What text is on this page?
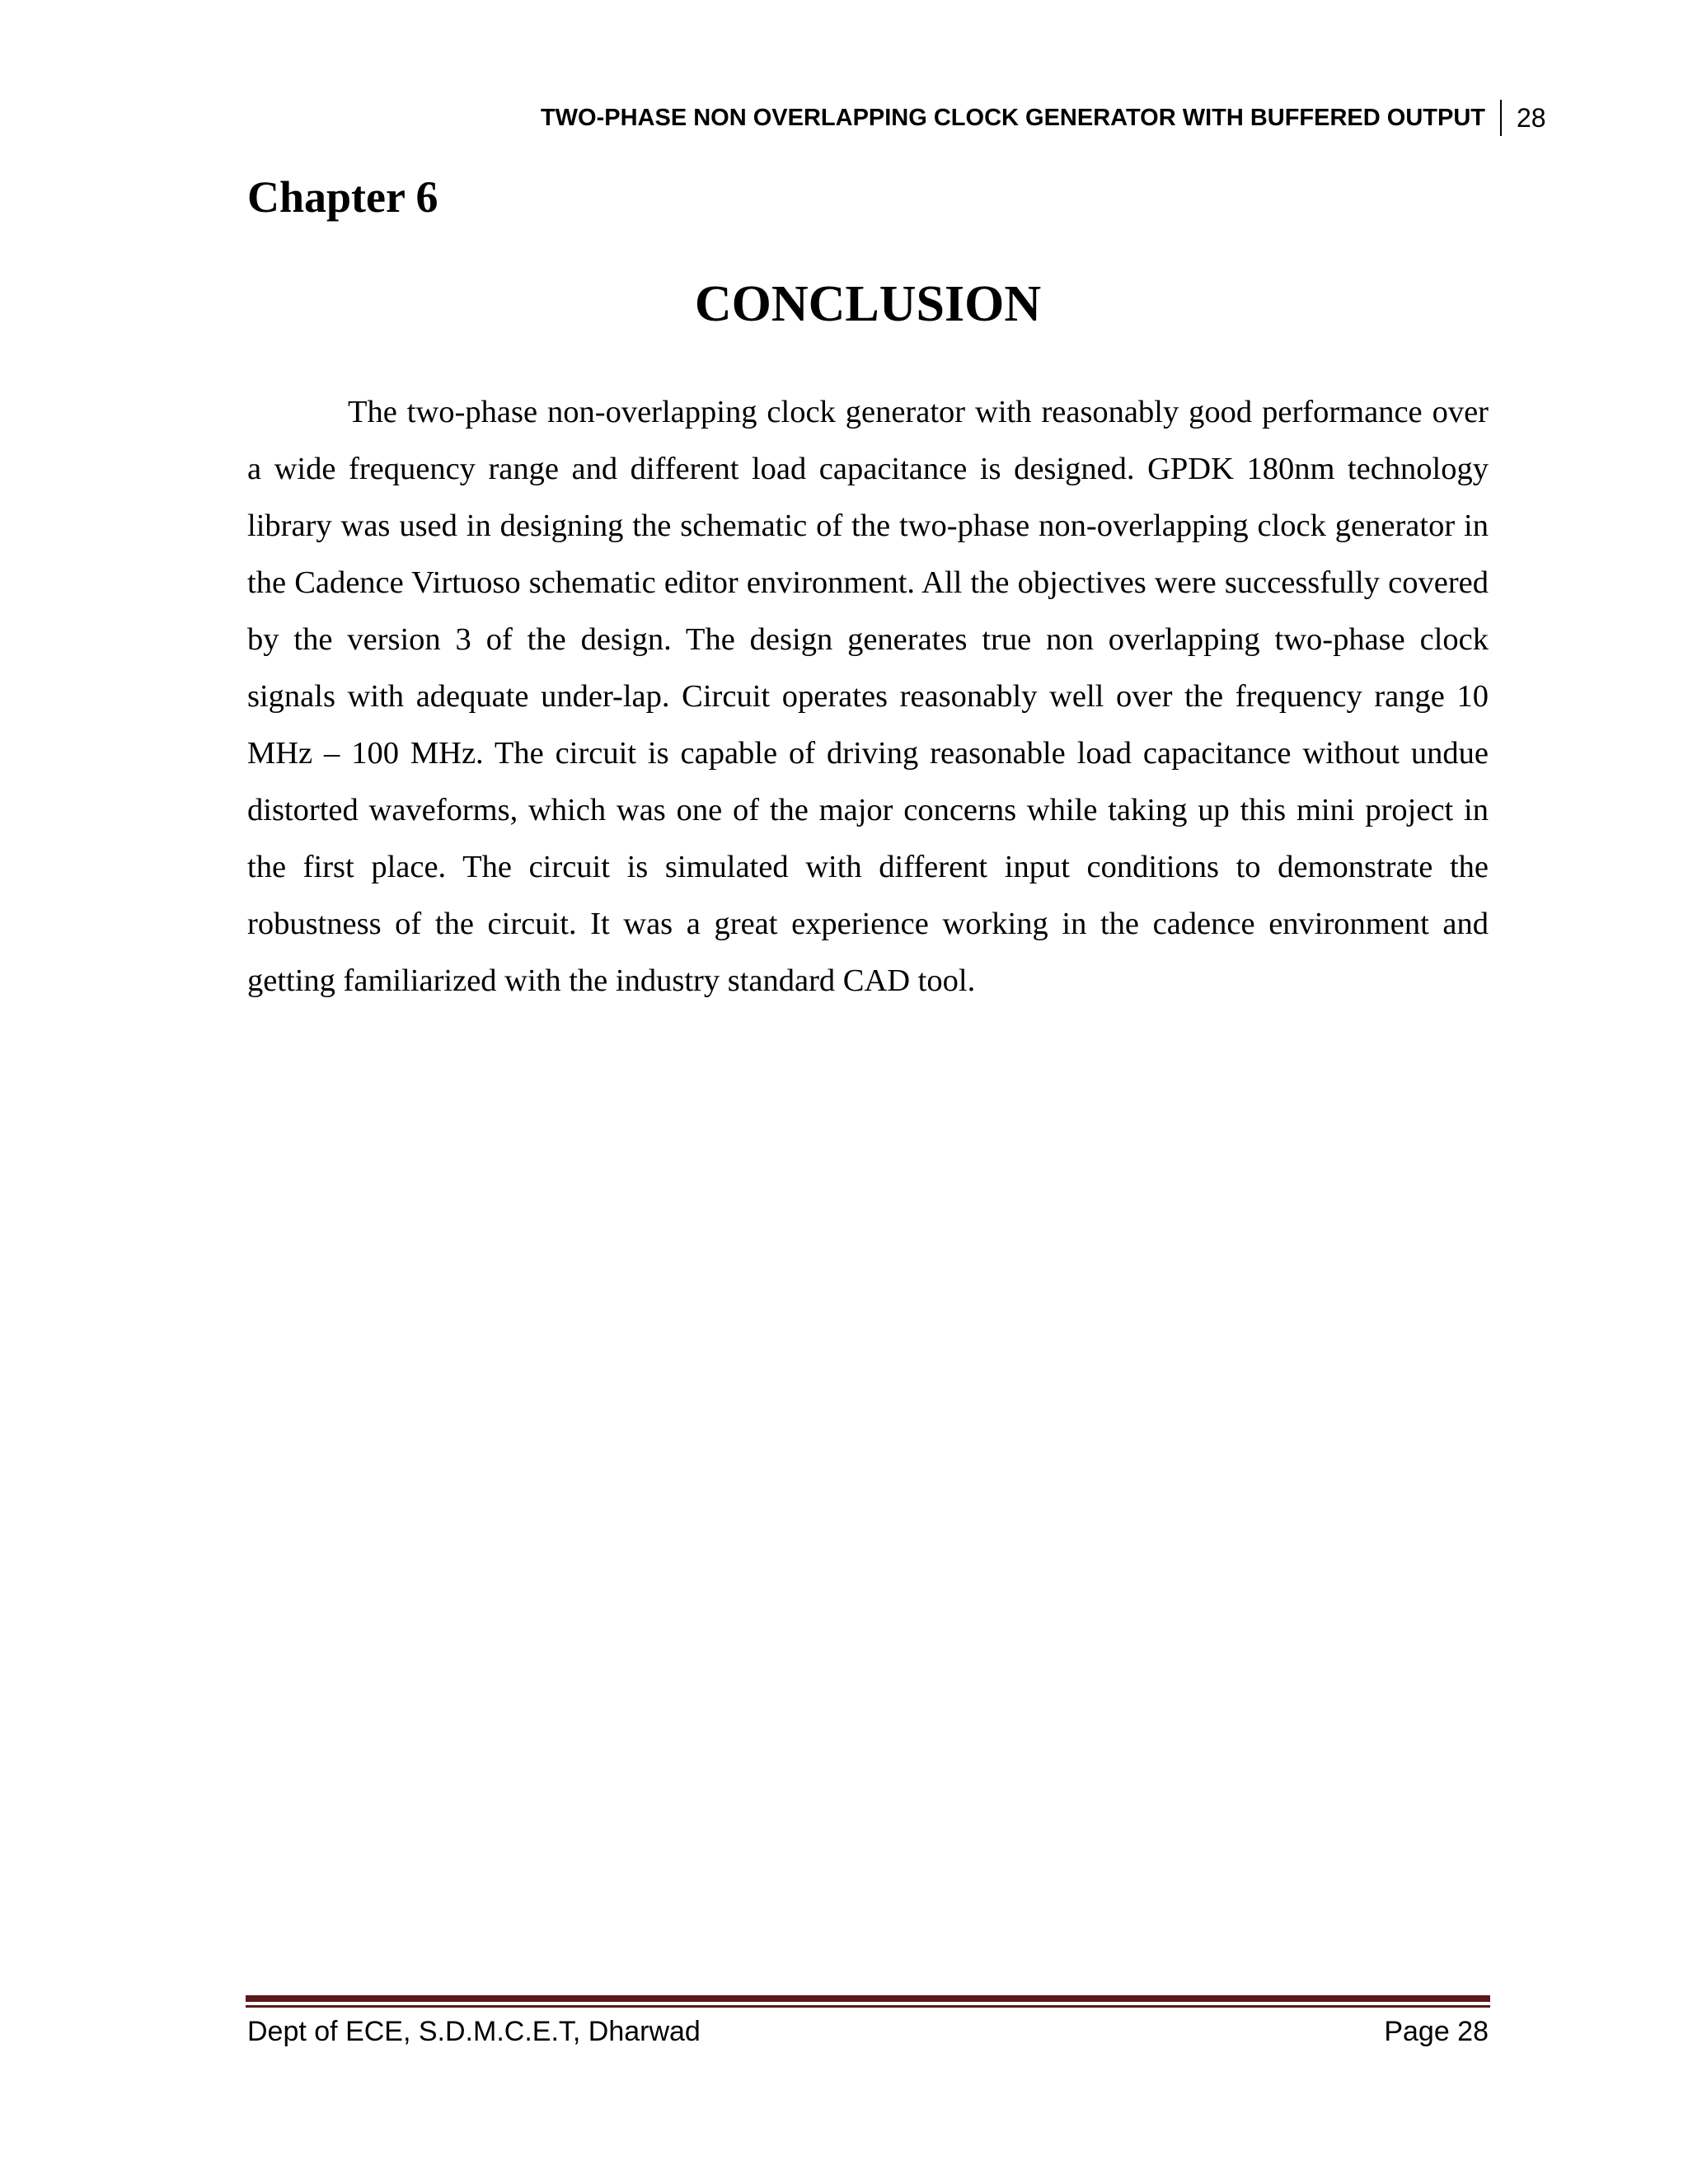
TWO-PHASE NON OVERLAPPING CLOCK GENERATOR WITH BUFFERED OUTPUT 28
Chapter 6
CONCLUSION

The two-phase non-overlapping clock generator with reasonably good performance over a wide frequency range and different load capacitance is designed. GPDK 180nm technology library was used in designing the schematic of the two-phase non-overlapping clock generator in the Cadence Virtuoso schematic editor environment. All the objectives were successfully covered by the version 3 of the design. The design generates true non overlapping two-phase clock signals with adequate under-lap. Circuit operates reasonably well over the frequency range 10 MHz – 100 MHz. The circuit is capable of driving reasonable load capacitance without undue distorted waveforms, which was one of the major concerns while taking up this mini project in the first place. The circuit is simulated with different input conditions to demonstrate the robustness of the circuit. It was a great experience working in the cadence environment and getting familiarized with the industry standard CAD tool.

Dept of ECE, S.D.M.C.E.T, Dharwad	Page 28
